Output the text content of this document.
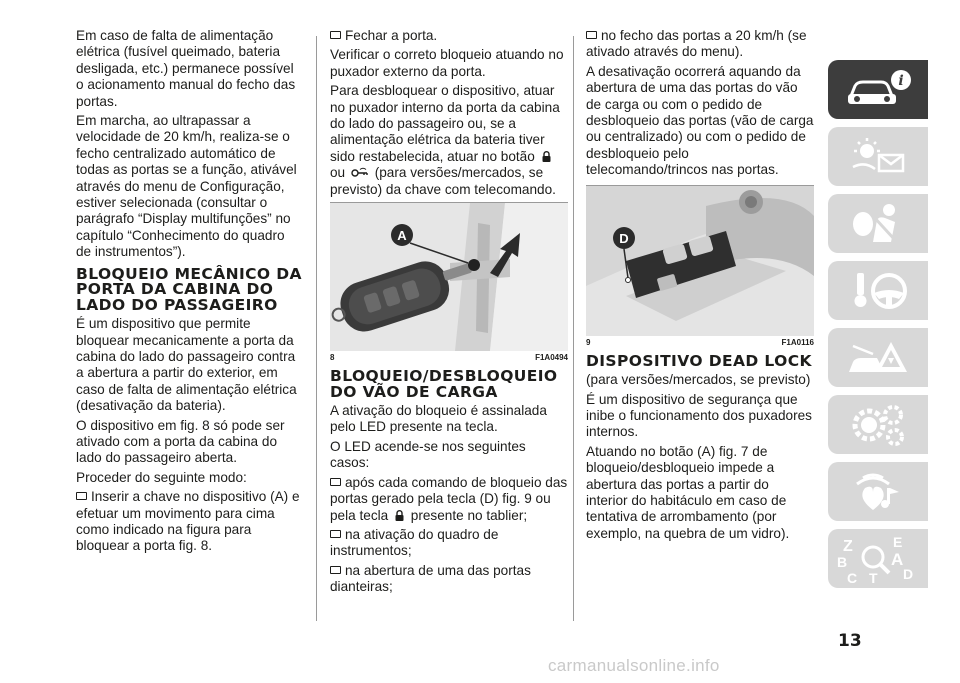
Em caso de falta de alimentação elétrica (fusível queimado, bateria desligada, etc.) permanece possível o acionamento manual do fecho das portas.

Em marcha, ao ultrapassar a velocidade de 20 km/h, realiza-se o fecho centralizado automático de todas as portas se a função, ativável através do menu de Configuração, estiver selecionada (consultar o parágrafo “Display multifunções” no capítulo “Conhecimento do quadro de instrumentos”).

BLOQUEIO MECÂNICO DA PORTA DA CABINA DO LADO DO PASSAGEIRO

É um dispositivo que permite bloquear mecanicamente a porta da cabina do lado do passageiro contra a abertura a partir do exterior, em caso de falta de alimentação elétrica (desativação da bateria).

O dispositivo em fig. 8 só pode ser ativado com a porta da cabina do lado do passageiro aberta.

Proceder do seguinte modo:

Inserir a chave no dispositivo (A) e efetuar um movimento para cima como indicado na figura para bloquear a porta fig. 8.

Fechar a porta.

Verificar o correto bloqueio atuando no puxador externo da porta.

Para desbloquear o dispositivo, atuar no puxador interno da porta da cabina do lado do passageiro ou, se a alimentação elétrica da bateria tiver sido restabelecida, atuar no botão  ou (para versões/mercados, se previsto) da chave com telecomando.

A
8	F1A0494
BLOQUEIO/DESBLOQUEIO DO VÃO DE CARGA

A ativação do bloqueio é assinalada pelo LED presente na tecla.

O LED acende-se nos seguintes casos:

após cada comando de bloqueio das portas gerado pela tecla (D) fig. 9 ou pela tecla presente no tablier;

na ativação do quadro de instrumentos;

na abertura de uma das portas dianteiras;

no fecho das portas a 20 km/h (se ativado através do menu).

A desativação ocorrerá aquando da abertura de uma das portas do vão de carga ou com o pedido de desbloqueio das portas (vão de carga ou centralizado) ou com o pedido de desbloqueio pelo telecomando/trincos nas portas.

D
9	F1A0116
DISPOSITIVO DEAD LOCK

(para versões/mercados, se previsto)

É um dispositivo de segurança que inibe o funcionamento dos puxadores internos.

Atuando no botão (A) fig. 7 de bloqueio/desbloqueio impede a abertura das portas a partir do interior do habitáculo em caso de tentativa de arrombamento (por exemplo, na quebra de um vidro).

i
Z	E
B	A
C T D
13
carmanualsonline.info
